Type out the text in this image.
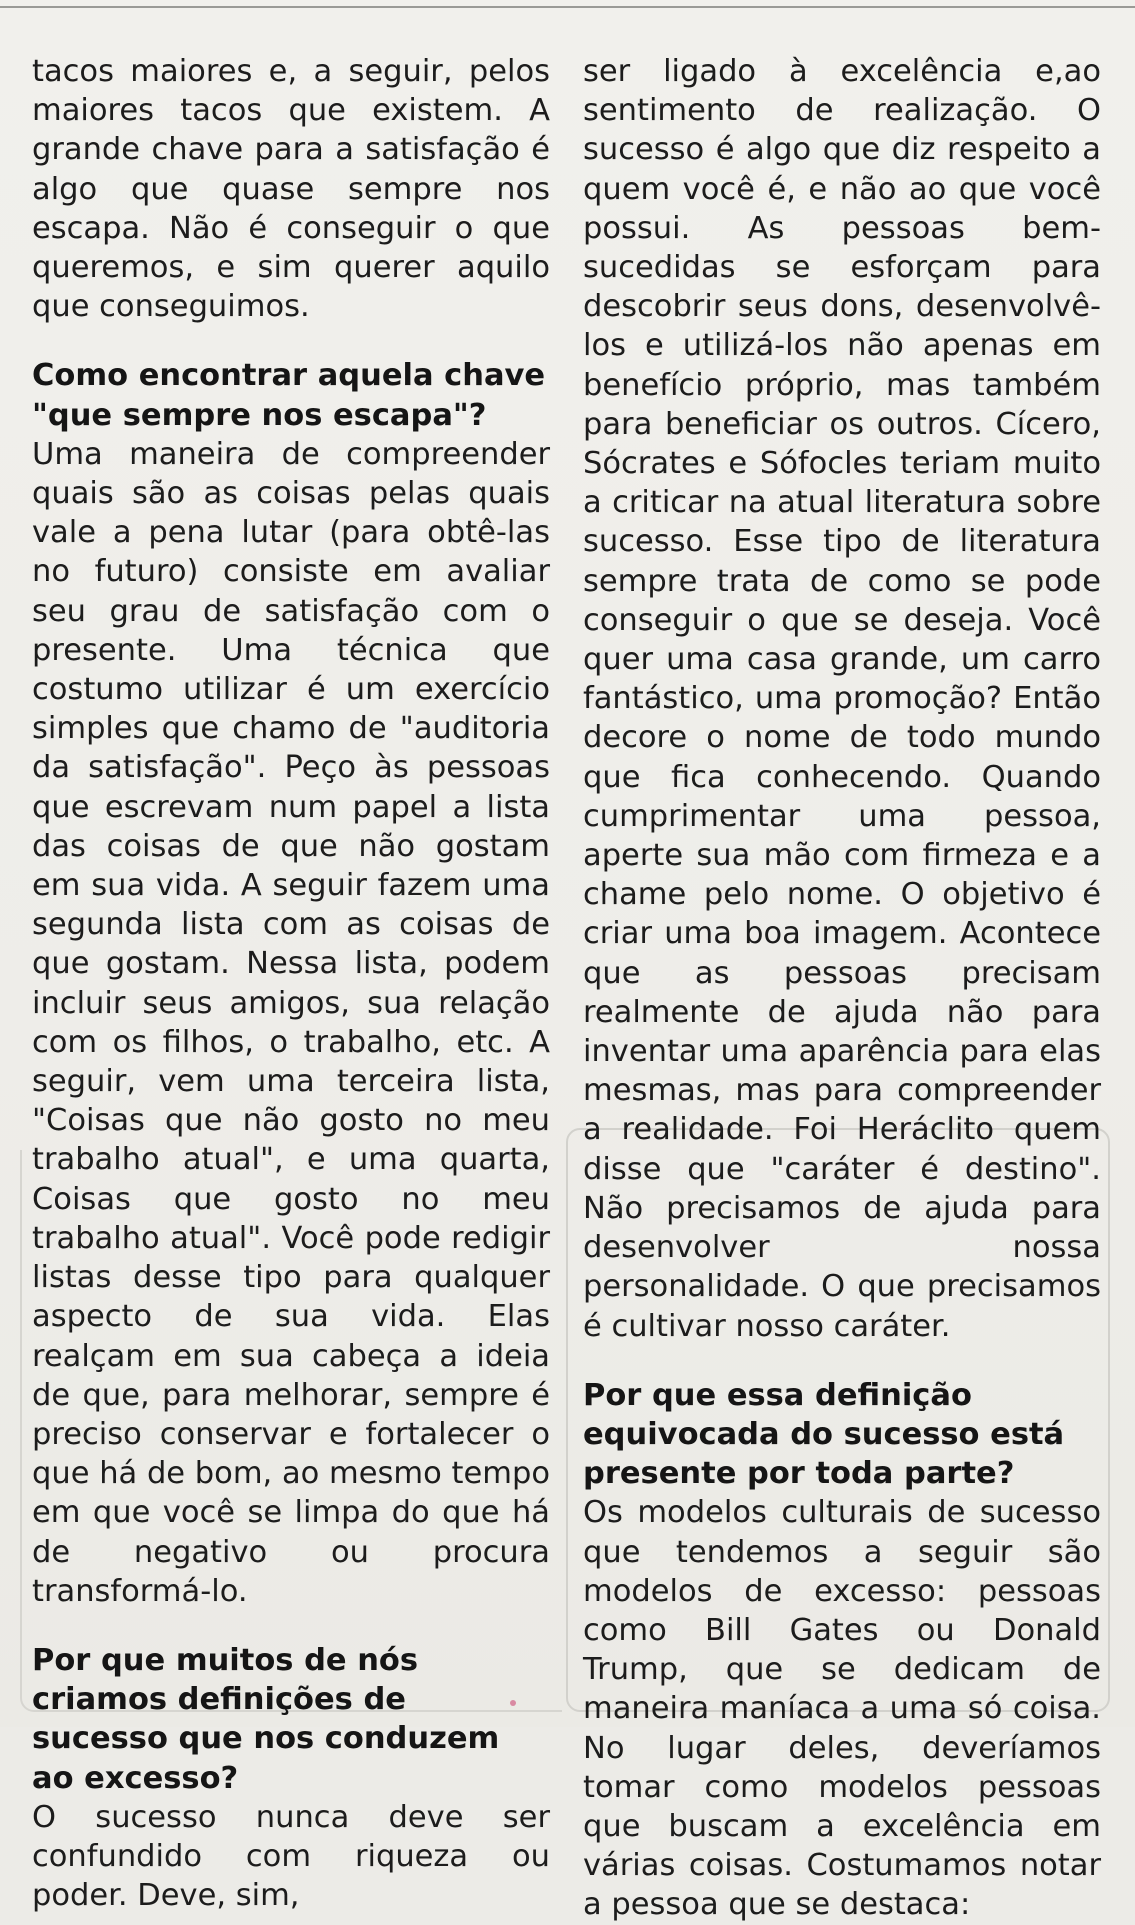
tacos maiores e, a seguir, pelos maiores tacos que existem. A grande chave para a satisfação é algo que quase sempre nos escapa. Não é conseguir o que queremos, e sim querer aquilo que conseguimos.

Como encontrar aquela chave "que sempre nos escapa"?

Uma maneira de compreender quais são as coisas pelas quais vale a pena lutar (para obtê-las no futuro) consiste em avaliar seu grau de satisfação com o presente. Uma técnica que costumo utilizar é um exercício simples que chamo de "auditoria da satisfação". Peço às pessoas que escrevam num papel a lista das coisas de que não gostam em sua vida. A seguir fazem uma segunda lista com as coisas de que gostam. Nessa lista, podem incluir seus amigos, sua relação com os filhos, o trabalho, etc. A seguir, vem uma terceira lista, "Coisas que não gosto no meu trabalho atual", e uma quarta, Coisas que gosto no meu trabalho atual". Você pode redigir listas desse tipo para qualquer aspecto de sua vida. Elas realçam em sua cabeça a ideia de que, para melhorar, sempre é preciso conservar e fortalecer o que há de bom, ao mesmo tempo em que você se limpa do que há de negativo ou procura transformá-lo.

Por que muitos de nós criamos definições de sucesso que nos conduzem ao excesso?

O sucesso nunca deve ser confundido com riqueza ou poder. Deve, sim,

ser ligado à excelência e,ao sentimento de realização. O sucesso é algo que diz respeito a quem você é, e não ao que você possui. As pessoas bem-sucedidas se esforçam para descobrir seus dons, desenvolvê-los e utilizá-los não apenas em benefício próprio, mas também para beneficiar os outros. Cícero, Sócrates e Sófocles teriam muito a criticar na atual literatura sobre sucesso. Esse tipo de literatura sempre trata de como se pode conseguir o que se deseja. Você quer uma casa grande, um carro fantástico, uma promoção? Então decore o nome de todo mundo que fica conhecendo. Quando cumprimentar uma pessoa, aperte sua mão com firmeza e a chame pelo nome. O objetivo é criar uma boa imagem. Acontece que as pessoas precisam realmente de ajuda não para inventar uma aparência para elas mesmas, mas para compreender a realidade. Foi Heráclito quem disse que "caráter é destino". Não precisamos de ajuda para desenvolver nossa personalidade. O que precisamos é cultivar nosso caráter.

Por que essa definição equivocada do sucesso está presente por toda parte?

Os modelos culturais de sucesso que tendemos a seguir são modelos de excesso: pessoas como Bill Gates ou Donald Trump, que se dedicam de maneira maníaca a uma só coisa. No lugar deles, deveríamos tomar como modelos pessoas que buscam a excelência em várias coisas. Costumamos notar a pessoa que se destaca:
